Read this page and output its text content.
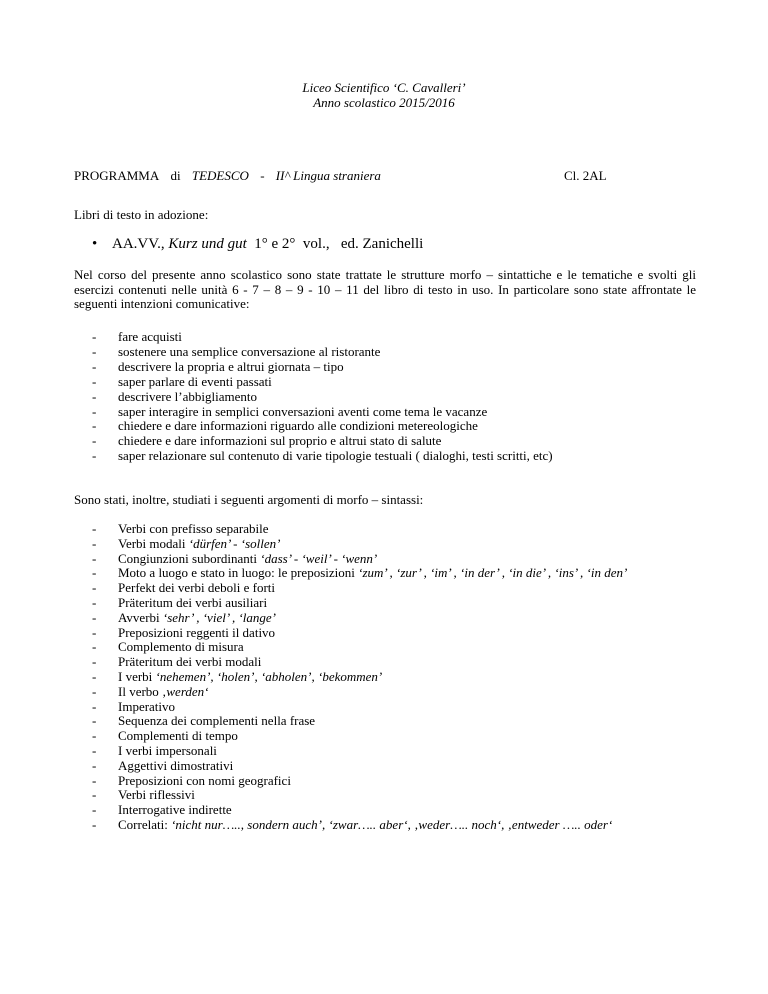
Liceo Scientifico ‘C. Cavalleri’
Anno scolastico 2015/2016
PROGRAMMA di TEDESCO - II^ Lingua straniera	Cl. 2AL
Libri di testo in adozione:
• AA.VV., Kurz und gut  1° e 2°  vol.,   ed. Zanichelli
Nel corso del presente anno scolastico sono state trattate le strutture morfo – sintattiche e le tematiche e svolti gli esercizi contenuti nelle unità 6 - 7 – 8 – 9 - 10 – 11 del libro di testo in uso. In particolare sono state affrontate le seguenti intenzioni comunicative:
- fare acquisti
- sostenere una semplice conversazione al ristorante
- descrivere la propria e altrui giornata – tipo
- saper parlare di eventi passati
- descrivere l’abbigliamento
- saper interagire in semplici conversazioni aventi come tema le vacanze
- chiedere e dare informazioni riguardo alle condizioni metereologiche
- chiedere e dare informazioni sul proprio e altrui stato di salute
- saper relazionare sul contenuto di varie tipologie testuali ( dialoghi, testi scritti, etc)
Sono stati, inoltre, studiati i seguenti argomenti di morfo – sintassi:
- Verbi con prefisso separabile
- Verbi modali ‘dürfen’ - ‘sollen’
- Congiunzioni subordinanti ‘dass’ - ‘weil’ - ‘wenn’
- Moto a luogo e stato in luogo: le preposizioni ‘zum’ , ‘zur’ , ‘im’ , ‘in der’ , ‘in die’ , ‘ins’ , ‘in den’
- Perfekt dei verbi deboli e forti
- Präteritum dei verbi ausiliari
- Avverbi ‘sehr’ , ‘viel’ , ‘lange’
- Preposizioni reggenti il dativo
- Complemento di misura
- Präteritum dei verbi modali
- I verbi ‘nehemen’, ‘holen’, ‘abholen’, ‘bekommen’
- Il verbo ‚werden‘
- Imperativo
- Sequenza dei complementi nella frase
- Complementi di tempo
- I verbi impersonali
- Aggettivi dimostrativi
- Preposizioni con nomi geografici
- Verbi riflessivi
- Interrogative indirette
- Correlati: ‘nicht nur….., sondern auch’, ‘zwar….. aber‘, ‚weder….. noch‘, ‚entweder ….. oder‘
